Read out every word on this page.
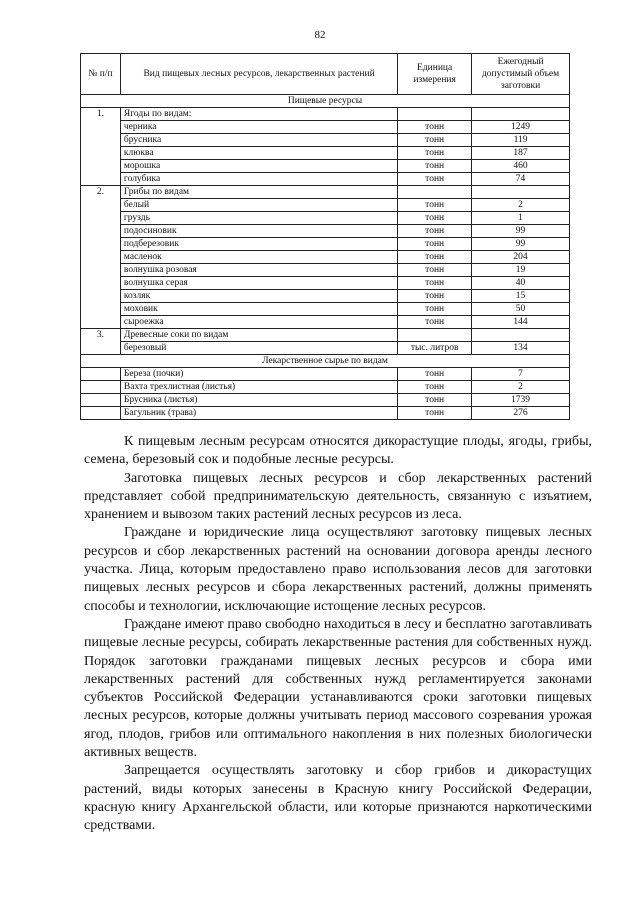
82
№ п/п	Вид пищевых лесных ресурсов, лекарственных растений	Единица измерения	Ежегодный допустимый объем заготовки
Пищевые ресурсы			
1.	Ягоды по видам:		
	черника	тонн	1249
	брусника	тонн	119
	клюква	тонн	187
	морошка	тонн	460
	голубика	тонн	74
2.	Грибы по видам		
	белый	тонн	2
	груздь	тонн	1
	подосиновик	тонн	99
	подберезовик	тонн	99
	масленок	тонн	204
	волнушка розовая	тонн	19
	волнушка серая	тонн	40
	козляк	тонн	15
	моховик	тонн	50
	сыроежка	тонн	144
3.	Древесные соки по видам		
	березовый	тыс. литров	134
Лекарственное сырье по видам			
	Береза (почки)	тонн	7
	Вахта трехлистная (листья)	тонн	2
	Брусника (листья)	тонн	1739
	Багульник (трава)	тонн	276

К пищевым лесным ресурсам относятся дикорастущие плоды, ягоды, грибы, семена, березовый сок и подобные лесные ресурсы.

Заготовка пищевых лесных ресурсов и сбор лекарственных растений представляет собой предпринимательскую деятельность, связанную с изъятием, хранением и вывозом таких растений лесных ресурсов из леса.

Граждане и юридические лица осуществляют заготовку пищевых лесных ресурсов и сбор лекарственных растений на основании договора аренды лесного участка. Лица, которым предоставлено право использования лесов для заготовки пищевых лесных ресурсов и сбора лекарственных растений, должны применять способы и технологии, исключающие истощение лесных ресурсов.

Граждане имеют право свободно находиться в лесу и бесплатно заготавливать пищевые лесные ресурсы, собирать лекарственные растения для собственных нужд. Порядок заготовки гражданами пищевых лесных ресурсов и сбора ими лекарственных растений для собственных нужд регламентируется законами субъектов Российской Федерации устанавливаются сроки заготовки пищевых лесных ресурсов, которые должны учитывать период массового созревания урожая ягод, плодов, грибов или оптимального накопления в них полезных биологически активных веществ.

Запрещается осуществлять заготовку и сбор грибов и дикорастущих растений, виды которых занесены в Красную книгу Российской Федерации, красную книгу Архангельской области, или которые признаются наркотическими средствами.
